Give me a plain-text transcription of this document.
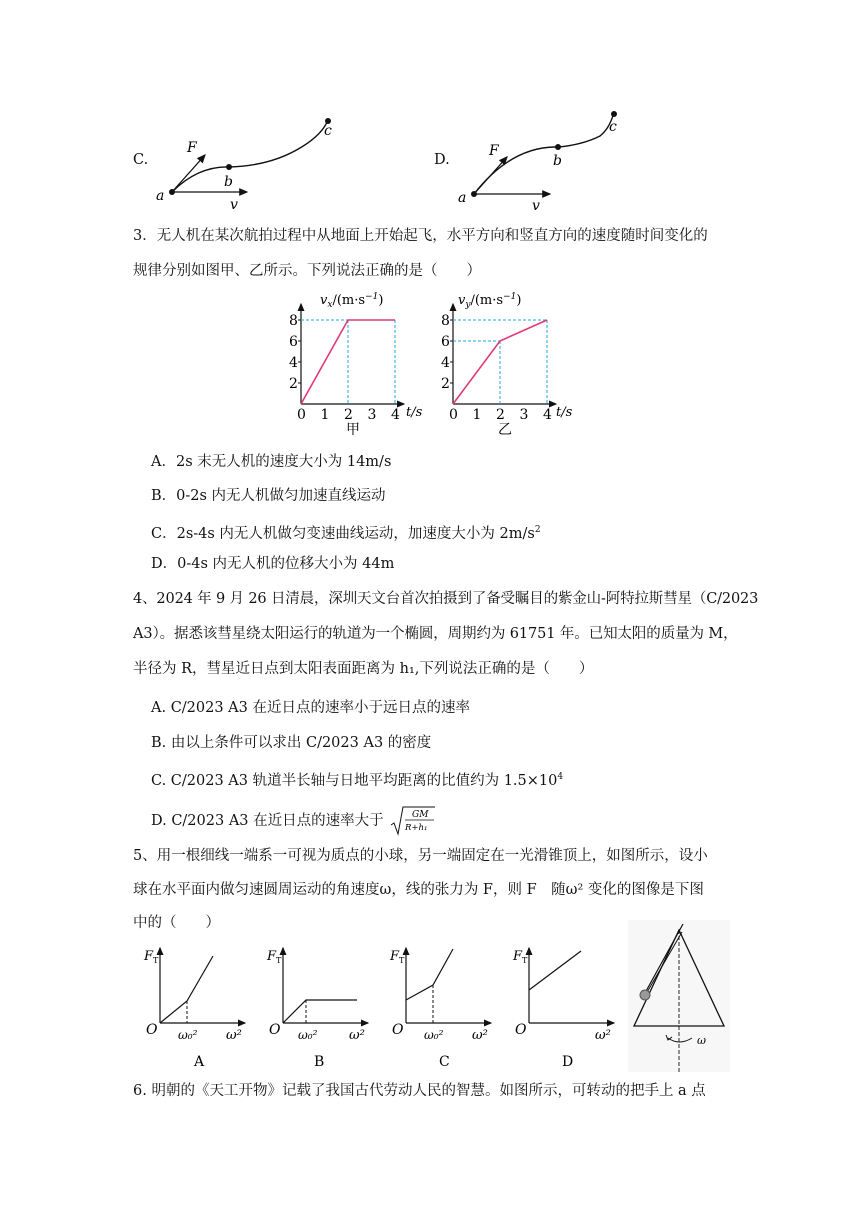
C.
F
a
b
c
v
D.
F
a
b
c
v
3．无人机在某次航拍过程中从地面上开始起飞，水平方向和竖直方向的速度随时间变化的
规律分别如图甲、乙所示。下列说法正确的是（　　）
2
4
6
8
0 1 2 3 4
$v_x/(m\cdot s^{-1})$
t/s
甲
2
4
6
8
0 1 2 3 4
$v_y/(m\cdot s^{-1})$
t/s
乙
A．2s 末无人机的速度大小为 14m/s
B．0-2s 内无人机做匀加速直线运动
C．2s-4s 内无人机做匀变速曲线运动，加速度大小为 $2m/s^2$
D．0-4s 内无人机的位移大小为 44m
4、2024 年 9 月 26 日清晨，深圳天文台首次拍摄到了备受瞩目的紫金山-阿特拉斯彗星（C/2023
A3）。据悉该彗星绕太阳运行的轨道为一个椭圆，周期约为 61751 年。已知太阳的质量为 M，
半径为 R，彗星近日点到太阳表面距离为 h₁,下列说法正确的是（　　）
A. C/2023 A3 在近日点的速率小于远日点的速率
B. 由以上条件可以求出 C/2023 A3 的密度
C. C/2023 A3 轨道半长轴与日地平均距离的比值约为 $1.5\times 10^4$
D. C/2023 A3 在近日点的速率大于	GM
R+h₁
5、用一根细线一端系一可视为质点的小球，另一端固定在一光滑锥顶上，如图所示，设小
球在水平面内做匀速圆周运动的角速度ω，线的张力为 F，则 F　随ω² 变化的图像是下图
中的（　　）
F T
O ω₀² ω²
A
F T
O ω₀² ω²
B
F T
O ω₀² ω²
C
F T
O	ω²
D
ω
6. 明朝的《天工开物》记载了我国古代劳动人民的智慧。如图所示，可转动的把手上 a 点
